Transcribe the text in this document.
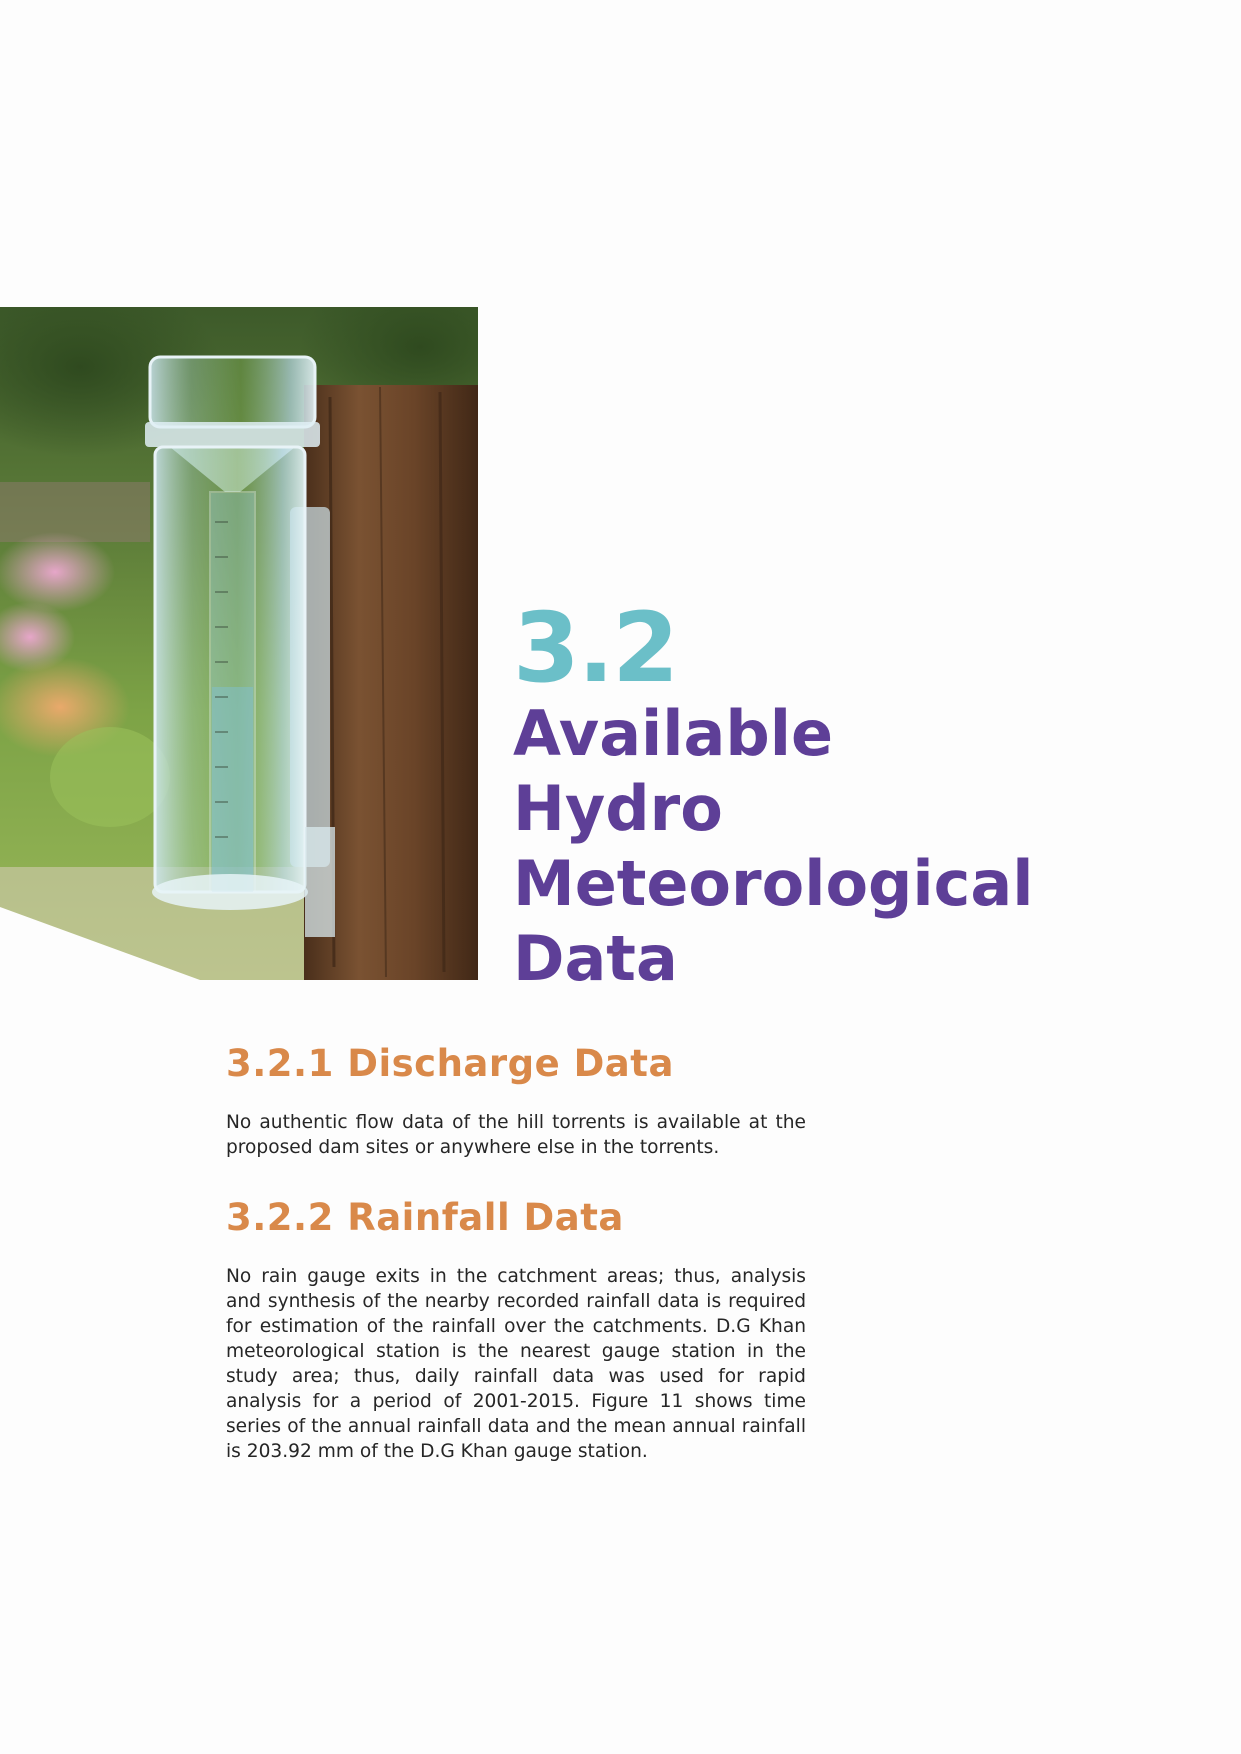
3.2
Available
Hydro
Meteorological
Data
3.2.1 Discharge Data

No authentic flow data of the hill torrents is available at the proposed dam sites or anywhere else in the torrents.

3.2.2 Rainfall Data

No rain gauge exits in the catchment areas; thus, analysis and synthesis of the nearby recorded rainfall data is required for estimation of the rainfall over the catchments. D.G Khan meteorological station is the nearest gauge station in the study area; thus, daily rainfall data was used for rapid analysis for a period of 2001-2015. Figure 11 shows time series of the annual rainfall data and the mean annual rainfall is 203.92 mm of the D.G Khan gauge station.
